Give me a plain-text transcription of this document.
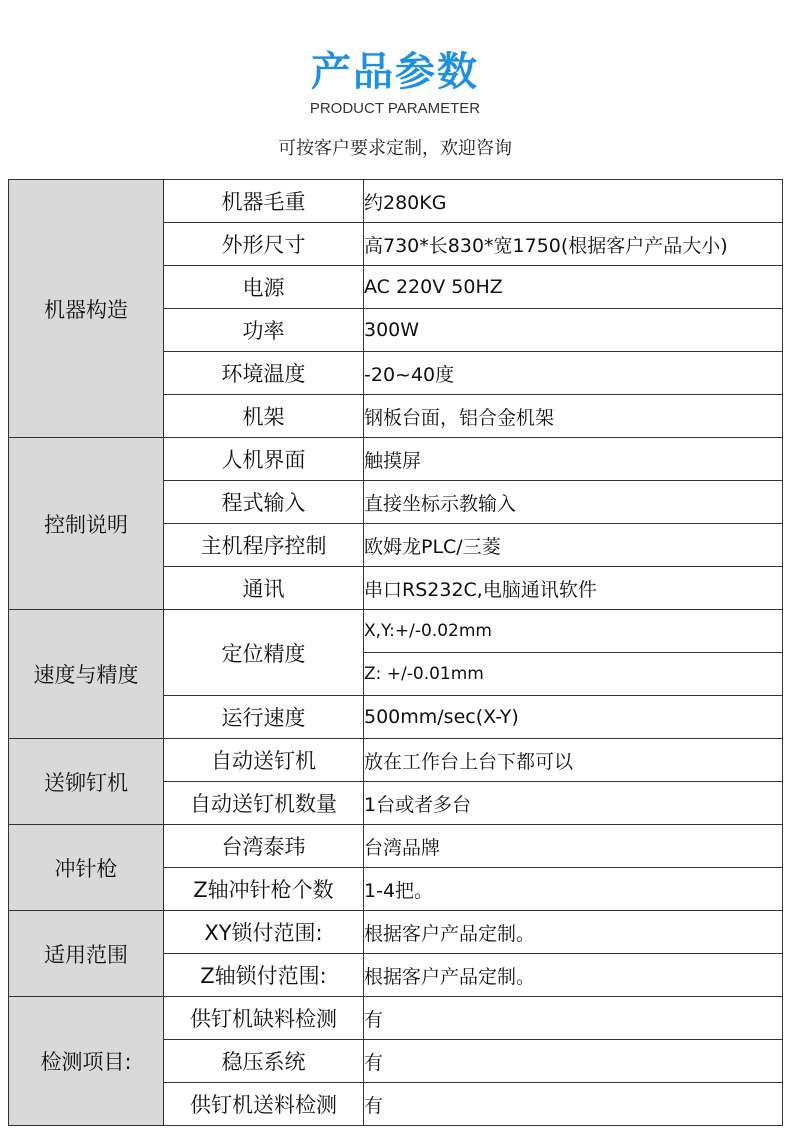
产品参数
PRODUCT PARAMETER
可按客户要求定制，欢迎咨询
机器构造	机器毛重	约280KG
	外形尺寸	高730*长830*宽1750(根据客户产品大小)
	电源	AC 220V 50HZ
	功率	300W
	环境温度	-20~40度
	机架	钢板台面，铝合金机架
控制说明	人机界面	触摸屏
	程式输入	直接坐标示教输入
	主机程序控制	欧姆龙PLC/三菱
	通讯	串口RS232C,电脑通讯软件
速度与精度	定位精度	X,Y:+/-0.02mm
		Z: +/-0.01mm
	运行速度	500mm/sec(X-Y)
送铆钉机	自动送钉机	放在工作台上台下都可以
	自动送钉机数量	1台或者多台
冲针枪	台湾泰玮	台湾品牌
	Z轴冲针枪个数	1-4把。
适用范围	XY锁付范围:	根据客户产品定制。
	Z轴锁付范围:	根据客户产品定制。
检测项目:	供钉机缺料检测	有
	稳压系统	有
	供钉机送料检测	有
